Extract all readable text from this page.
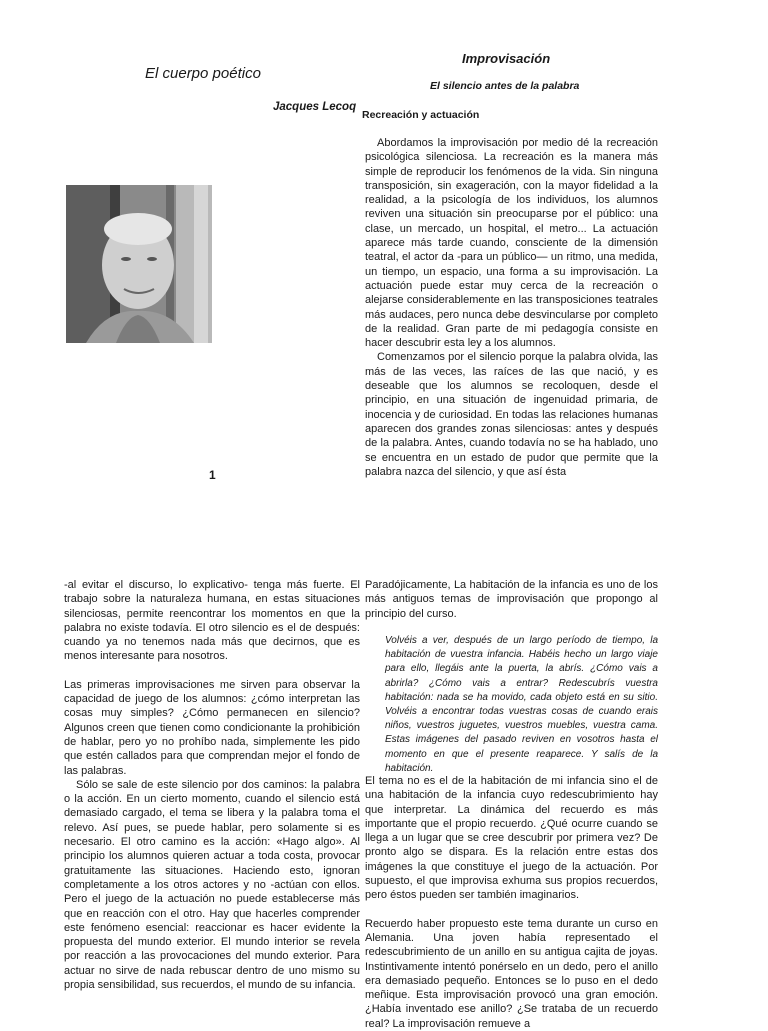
El cuerpo poético
Jacques Lecoq
Improvisación
El silencio antes de la palabra
Recreación y actuación
1

Abordamos la improvisación por medio dé la recreación psicológica silenciosa. La recreación es la manera más simple de reproducir los fenómenos de la vida. Sin ninguna transposición, sin exageración, con la mayor fidelidad a la realidad, a la psicología de los individuos, los alumnos reviven una situación sin preocuparse por el público: una clase, un mercado, un hospital, el metro... La actuación aparece más tarde cuando, consciente de la dimensión teatral, el actor da -para un público— un ritmo, una medida, un tiempo, un espacio, una forma a su improvisación. La actuación puede estar muy cerca de la recreación o alejarse considerablemente en las transposiciones teatrales más audaces, pero nunca debe desvincularse por completo de la realidad. Gran parte de mi pedagogía consiste en hacer descubrir esta ley a los alumnos.

Comenzamos por el silencio porque la palabra olvida, las más de las veces, las raíces de las que nació, y es deseable que los alumnos se recoloquen, desde el principio, en una situación de ingenuidad primaria, de inocencia y de curiosidad. En todas las relaciones humanas aparecen dos grandes zonas silenciosas: antes y después de la palabra. Antes, cuando todavía no se ha hablado, uno se encuentra en un estado de pudor que permite que la palabra nazca del silencio, y que así ésta

-al evitar el discurso, lo explicativo- tenga más fuerte. El trabajo sobre la naturaleza humana, en estas situaciones silenciosas, permite reencontrar los momentos en que la palabra no existe todavía. El otro silencio es el de después: cuando ya no tenemos nada más que decirnos, que es menos interesante para nosotros.

Las primeras improvisaciones me sirven para observar la capacidad de juego de los alumnos: ¿cómo interpretan las cosas muy simples? ¿Cómo permanecen en silencio? Algunos creen que tienen como condicionante la prohibición de hablar, pero yo no prohíbo nada, simplemente les pido que estén callados para que comprendan mejor el fondo de las palabras.

Sólo se sale de este silencio por dos caminos: la palabra o la acción. En un cierto momento, cuando el silencio está demasiado cargado, el tema se libera y la palabra toma el relevo. Así pues, se puede hablar, pero solamente si es necesario. El otro camino es la acción: «Hago algo». Al principio los alumnos quieren actuar a toda costa, provocar gratuitamente las situaciones. Haciendo esto, ignoran completamente a los otros actores y no -actúan con ellos. Pero el juego de la actuación no puede establecerse más que en reacción con el otro. Hay que hacerles comprender este fenómeno esencial: reaccionar es hacer evidente la propuesta del mundo exterior. El mundo interior se revela por reacción a las provocaciones del mundo exterior. Para actuar no sirve de nada rebuscar dentro de uno mismo su propia sensibilidad, sus recuerdos, el mundo de su infancia.

Paradójicamente, La habitación de la infancia es uno de los más antiguos temas de improvisación que propongo al principio del curso.

Volvéis a ver, después de un largo período de tiempo, la habitación de vuestra infancia. Habéis hecho un largo viaje para ello, llegáis ante la puerta, la abrís. ¿Cómo vais a abrirla? ¿Cómo vais a entrar? Redescubrís vuestra habitación: nada se ha movido, cada objeto está en su sitio. Volvéis a encontrar todas vuestras cosas de cuando erais niños, vuestros juguetes, vuestros muebles, vuestra cama. Estas imágenes del pasado reviven en vosotros hasta el momento en que el presente reaparece. Y salís de la habitación.

El tema no es el de la habitación de mi infancia sino el de una habitación de la infancia cuyo redescubrimiento hay que interpretar. La dinámica del recuerdo es más importante que el propio recuerdo. ¿Qué ocurre cuando se llega a un lugar que se cree descubrir por primera vez? De pronto algo se dispara. Es la relación entre estas dos imágenes la que constituye el juego de la actuación. Por supuesto, el que improvisa exhuma sus propios recuerdos, pero éstos pueden ser también imaginarios.

Recuerdo haber propuesto este tema durante un curso en Alemania. Una joven había representado el redescubrimiento de un anillo en su antigua cajita de joyas. Instintivamente intentó ponérselo en un dedo, pero el anillo era demasiado pequeño. Entonces se lo puso en el dedo meñique. Esta improvisación provocó una gran emoción. ¿Había inventado ese anillo? ¿Se trataba de un recuerdo real? La improvisación remueve a
